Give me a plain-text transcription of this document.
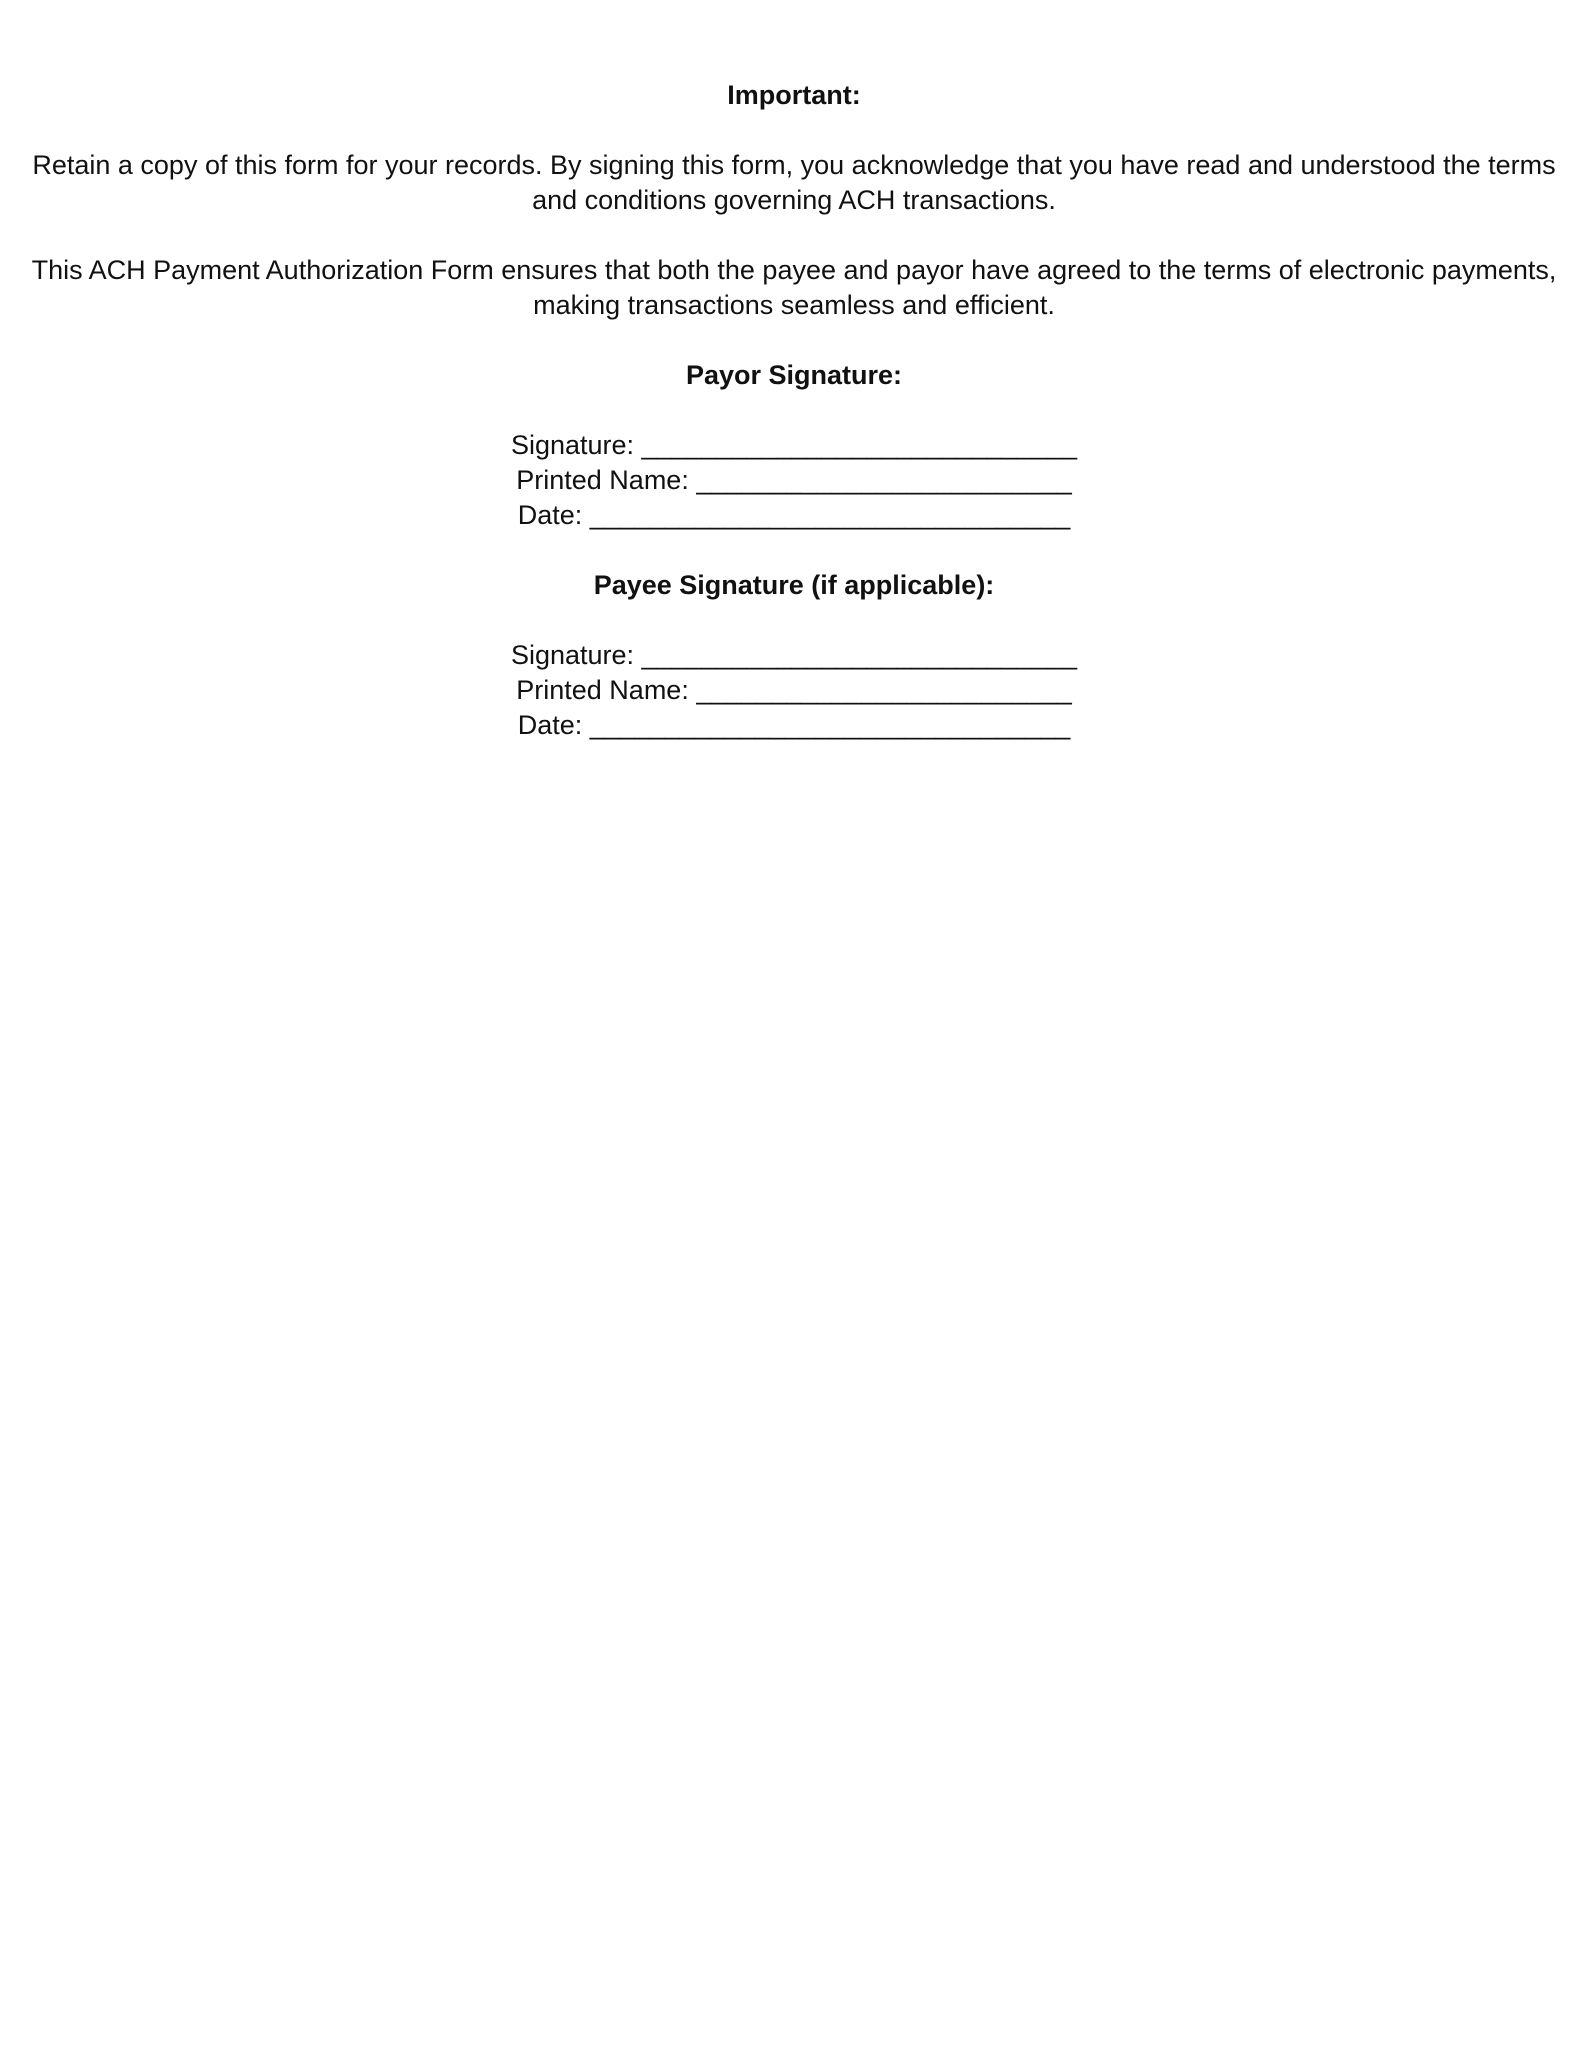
Important:

Retain a copy of this form for your records. By signing this form, you acknowledge that you have read and understood the terms and conditions governing ACH transactions.

This ACH Payment Authorization Form ensures that both the payee and payor have agreed to the terms of electronic payments, making transactions seamless and efficient.

Payor Signature:

Signature: _____________________________

Printed Name: _________________________

Date: ________________________________

Payee Signature (if applicable):

Signature: _____________________________

Printed Name: _________________________

Date: ________________________________
